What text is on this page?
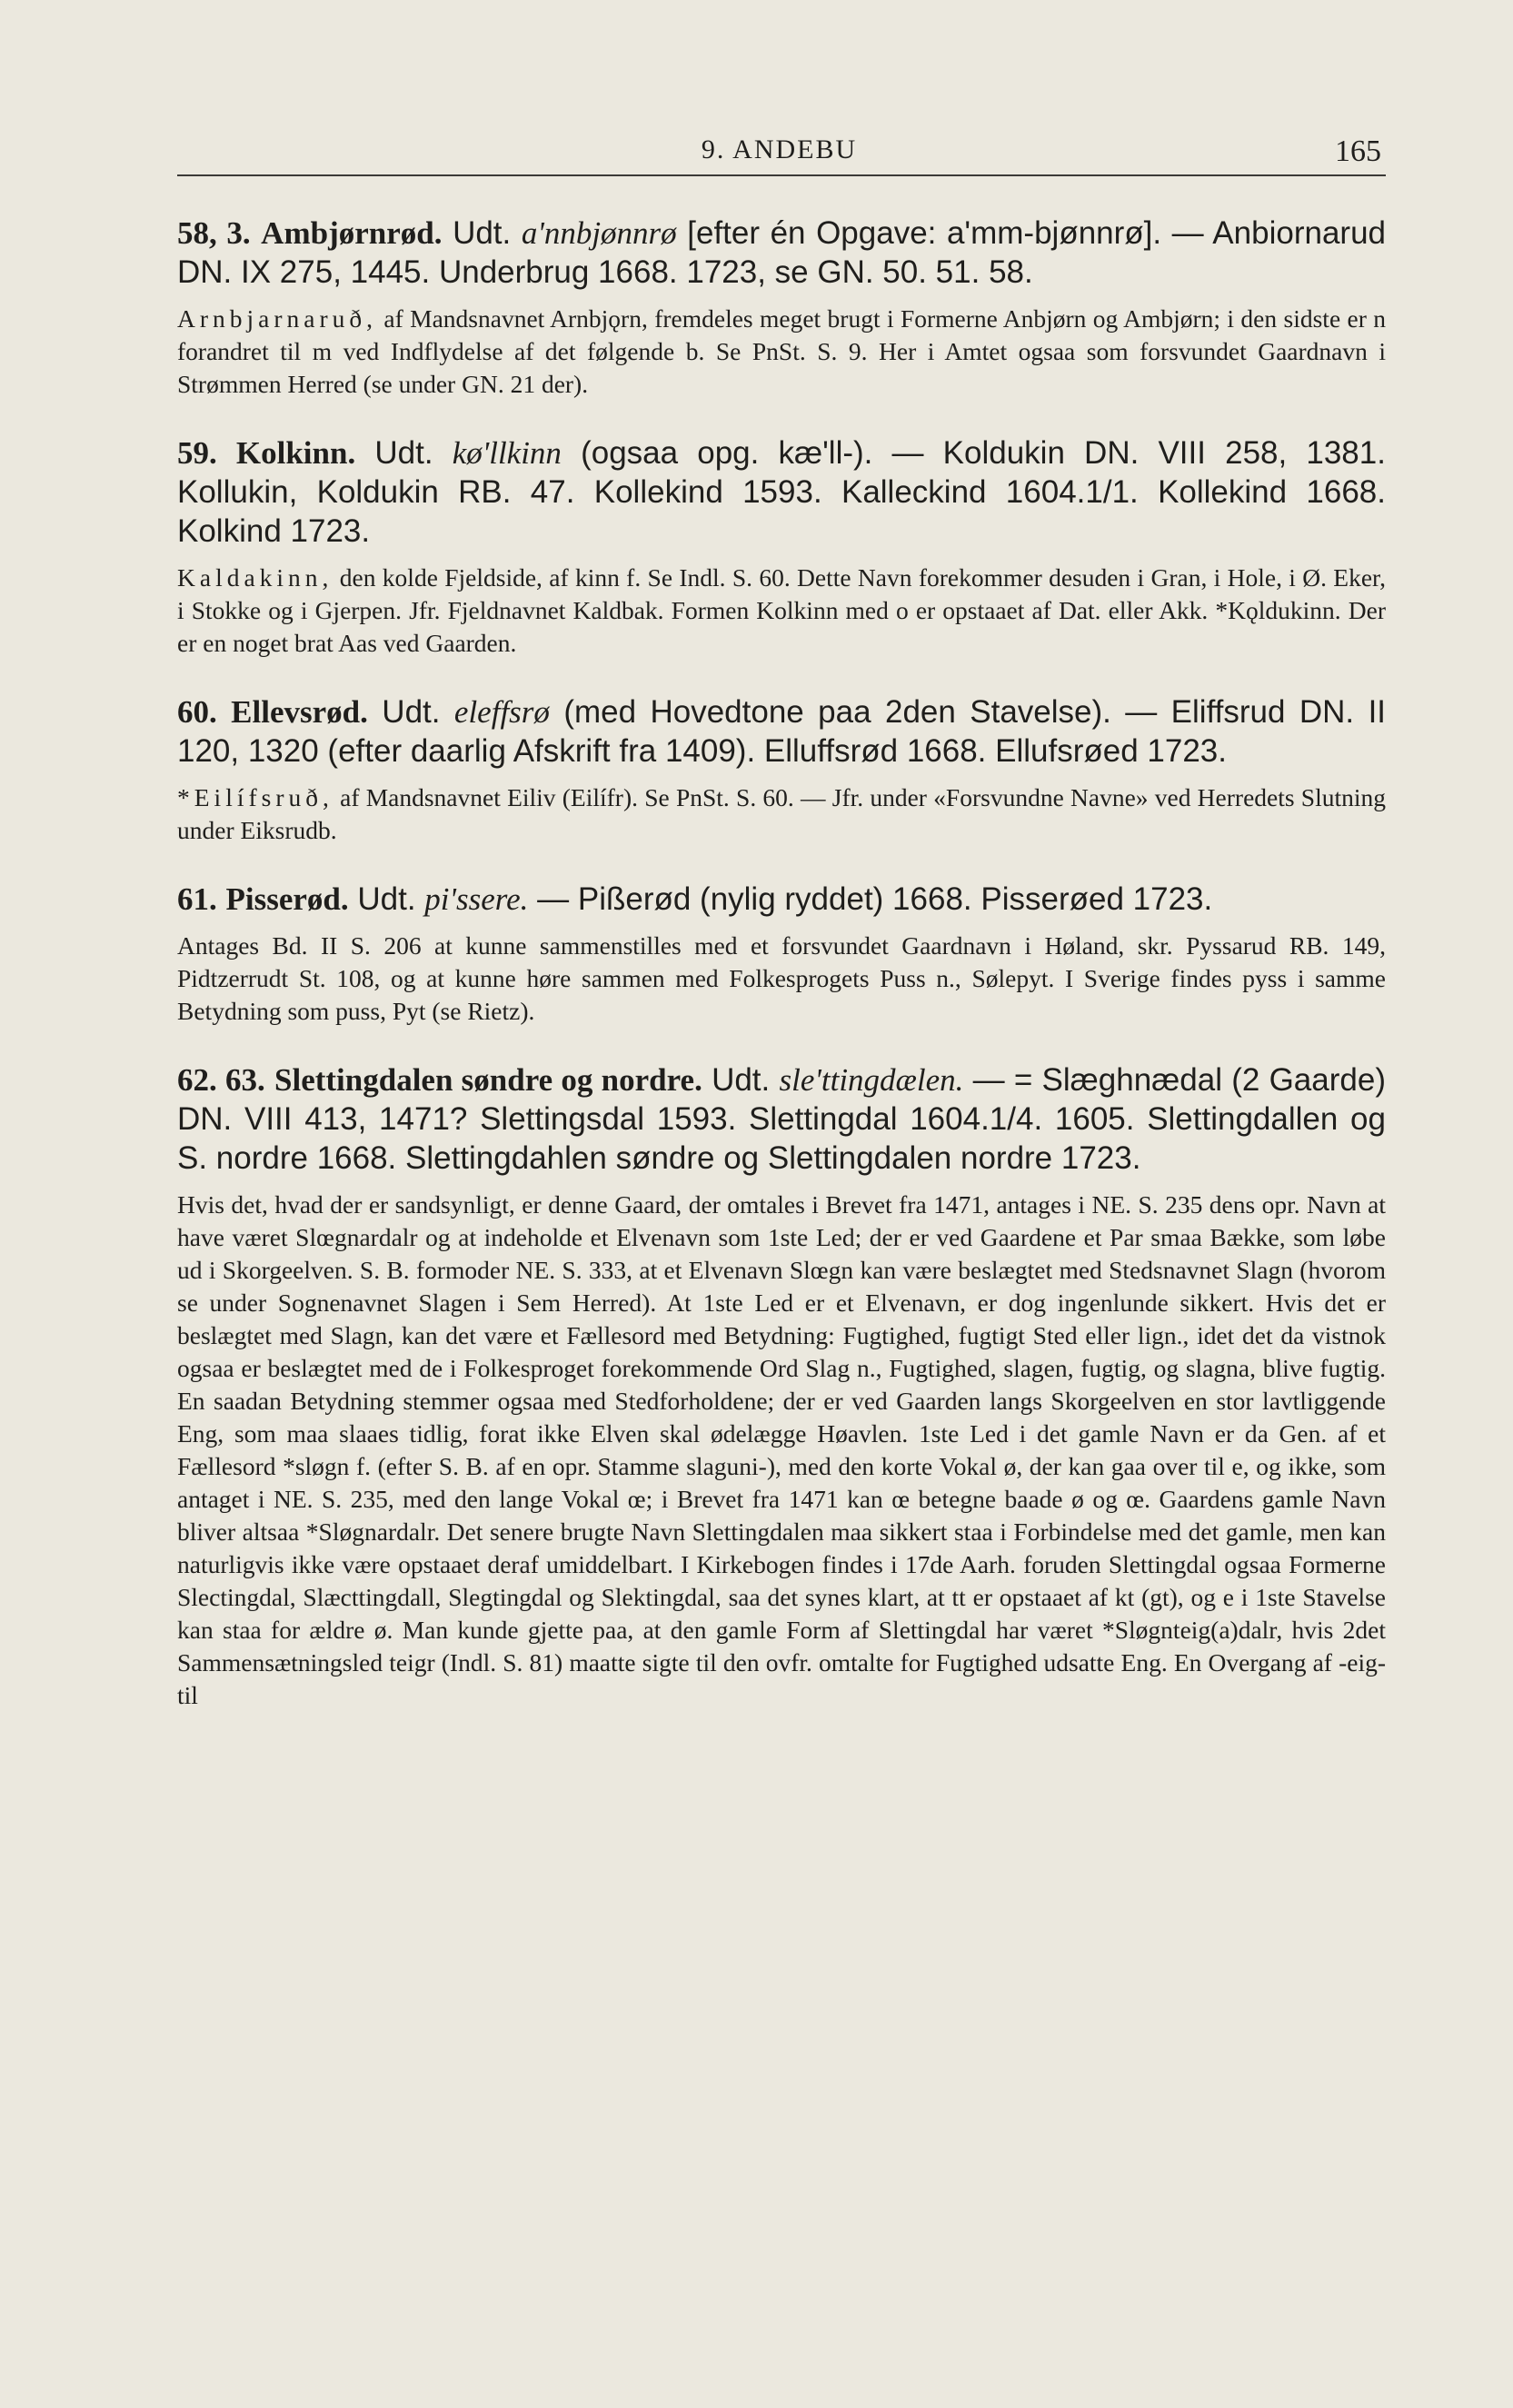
9. ANDEBU	165

58, 3. Ambjørnrød. Udt. a'nnbjønnrø [efter én Opgave: a'mm-bjønnrø]. — Anbiornarud DN. IX 275, 1445. Underbrug 1668. 1723, se GN. 50. 51. 58.

Arnbjarnaruð, af Mandsnavnet Arnbjǫrn, fremdeles meget brugt i Formerne Anbjørn og Ambjørn; i den sidste er n forandret til m ved Indflydelse af det følgende b. Se PnSt. S. 9. Her i Amtet ogsaa som forsvundet Gaardnavn i Strømmen Herred (se under GN. 21 der).

59. Kolkinn. Udt. kø'llkinn (ogsaa opg. kæ'll-). — Koldukin DN. VIII 258, 1381. Kollukin, Koldukin RB. 47. Kollekind 1593. Kalleckind 1604.1/1. Kollekind 1668. Kolkind 1723.

Kaldakinn, den kolde Fjeldside, af kinn f. Se Indl. S. 60. Dette Navn forekommer desuden i Gran, i Hole, i Ø. Eker, i Stokke og i Gjerpen. Jfr. Fjeldnavnet Kaldbak. Formen Kolkinn med o er opstaaet af Dat. eller Akk. *Kǫldukinn. Der er en noget brat Aas ved Gaarden.

60. Ellevsrød. Udt. eleffsrø (med Hovedtone paa 2den Stavelse). — Eliffsrud DN. II 120, 1320 (efter daarlig Afskrift fra 1409). Elluffsrød 1668. Ellufsrøed 1723.

*Eilífsruð, af Mandsnavnet Eiliv (Eilífr). Se PnSt. S. 60. — Jfr. under «Forsvundne Navne» ved Herredets Slutning under Eiksrudb.

61. Pisserød. Udt. pi'ssere. — Pißerød (nylig ryddet) 1668. Pisserøed 1723.

Antages Bd. II S. 206 at kunne sammenstilles med et forsvundet Gaardnavn i Høland, skr. Pyssarud RB. 149, Pidtzerrudt St. 108, og at kunne høre sammen med Folkesprogets Puss n., Sølepyt. I Sverige findes pyss i samme Betydning som puss, Pyt (se Rietz).

62. 63. Slettingdalen søndre og nordre. Udt. sle'ttingdælen. — = Slæghnædal (2 Gaarde) DN. VIII 413, 1471? Slettingsdal 1593. Slettingdal 1604.1/4. 1605. Slettingdallen og S. nordre 1668. Slettingdahlen søndre og Slettingdalen nordre 1723.

Hvis det, hvad der er sandsynligt, er denne Gaard, der omtales i Brevet fra 1471, antages i NE. S. 235 dens opr. Navn at have været Slœgnardalr og at indeholde et Elvenavn som 1ste Led; der er ved Gaardene et Par smaa Bække, som løbe ud i Skorgeelven. S. B. formoder NE. S. 333, at et Elvenavn Slœgn kan være beslægtet med Stedsnavnet Slagn (hvorom se under Sognenavnet Slagen i Sem Herred). At 1ste Led er et Elvenavn, er dog ingenlunde sikkert. Hvis det er beslægtet med Slagn, kan det være et Fællesord med Betydning: Fugtighed, fugtigt Sted eller lign., idet det da vistnok ogsaa er beslægtet med de i Folkesproget forekommende Ord Slag n., Fugtighed, slagen, fugtig, og slagna, blive fugtig. En saadan Betydning stemmer ogsaa med Stedforholdene; der er ved Gaarden langs Skorgeelven en stor lavtliggende Eng, som maa slaaes tidlig, forat ikke Elven skal ødelægge Høavlen. 1ste Led i det gamle Navn er da Gen. af et Fællesord *sløgn f. (efter S. B. af en opr. Stamme slaguni-), med den korte Vokal ø, der kan gaa over til e, og ikke, som antaget i NE. S. 235, med den lange Vokal œ; i Brevet fra 1471 kan œ betegne baade ø og œ. Gaardens gamle Navn bliver altsaa *Sløgnardalr. Det senere brugte Navn Slettingdalen maa sikkert staa i Forbindelse med det gamle, men kan naturligvis ikke være opstaaet deraf umiddelbart. I Kirkebogen findes i 17de Aarh. foruden Slettingdal ogsaa Formerne Slectingdal, Slæcttingdall, Slegtingdal og Slektingdal, saa det synes klart, at tt er opstaaet af kt (gt), og e i 1ste Stavelse kan staa for ældre ø. Man kunde gjette paa, at den gamle Form af Slettingdal har været *Sløgnteig(a)dalr, hvis 2det Sammensætningsled teigr (Indl. S. 81) maatte sigte til den ovfr. omtalte for Fugtighed udsatte Eng. En Overgang af -eig- til
